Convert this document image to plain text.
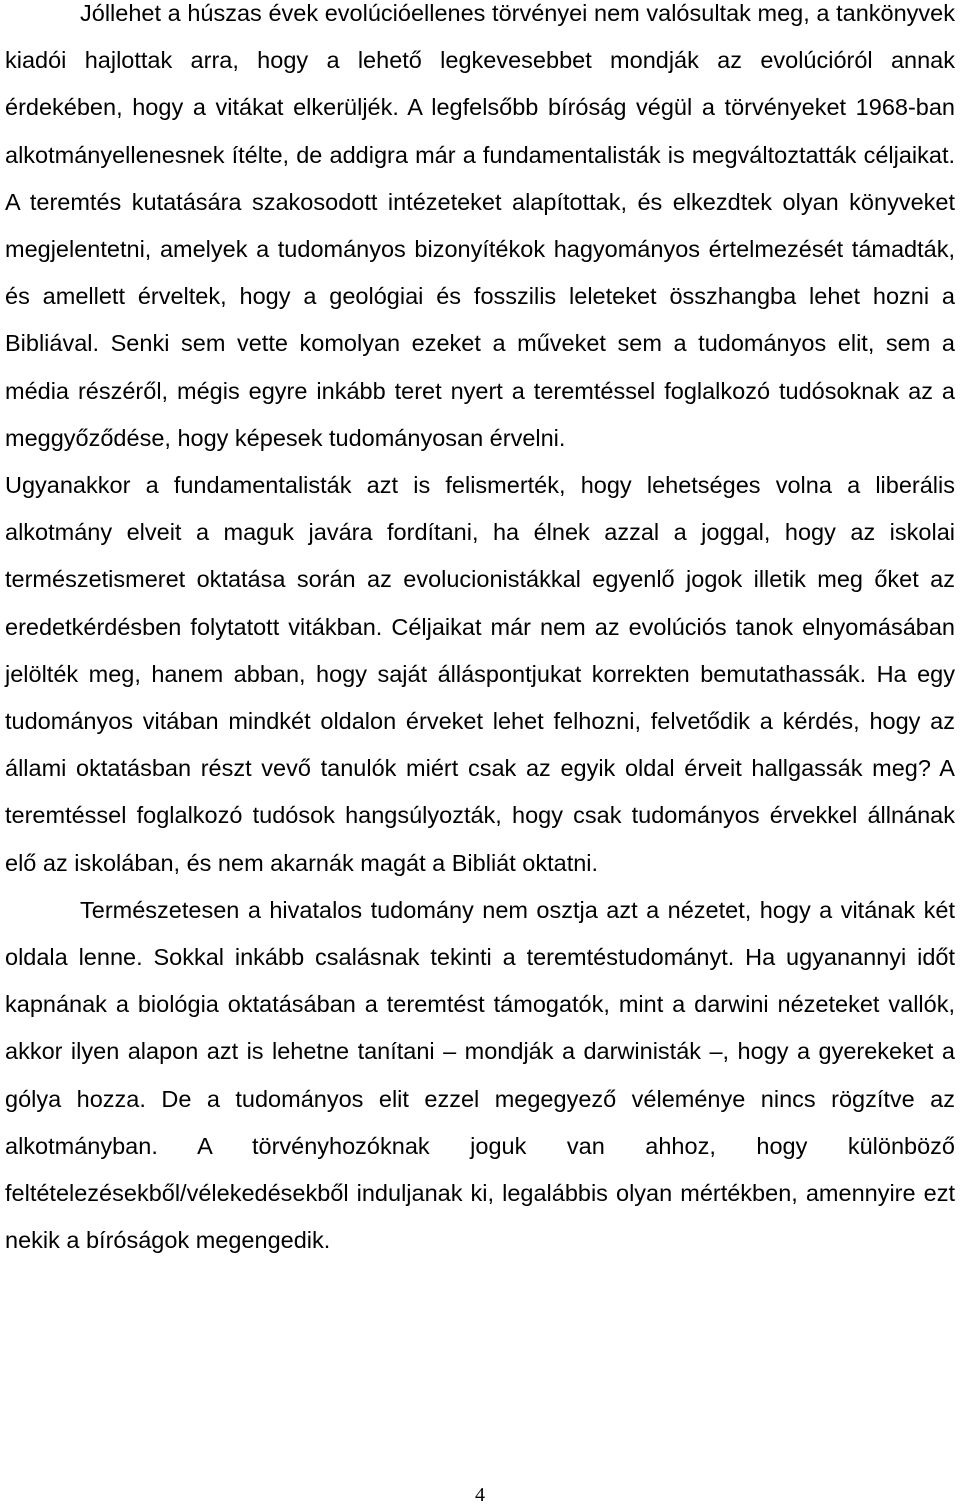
Jóllehet a húszas évek evolúcióellenes törvényei nem valósultak meg, a tankönyvek kiadói hajlottak arra, hogy a lehető legkevesebbet mondják az evolúcióról annak érdekében, hogy a vitákat elkerüljék. A legfelsőbb bíróság végül a törvényeket 1968-ban alkotmányellenesnek ítélte, de addigra már a fundamentalisták is megváltoztatták céljaikat. A teremtés kutatására szakosodott intézeteket alapítottak, és elkezdtek olyan könyveket megjelentetni, amelyek a tudományos bizonyítékok hagyományos értelmezését támadták, és amellett érveltek, hogy a geológiai és fosszilis leleteket összhangba lehet hozni a Bibliával. Senki sem vette komolyan ezeket a műveket sem a tudományos elit, sem a média részéről, mégis egyre inkább teret nyert a teremtéssel foglalkozó tudósoknak az a meggyőződése, hogy képesek tudományosan érvelni.

Ugyanakkor a fundamentalisták azt is felismerték, hogy lehetséges volna a liberális alkotmány elveit a maguk javára fordítani, ha élnek azzal a joggal, hogy az iskolai természetismeret oktatása során az evolucionistákkal egyenlő jogok illetik meg őket az eredetkérdésben folytatott vitákban. Céljaikat már nem az evolúciós tanok elnyomásában jelölték meg, hanem abban, hogy saját álláspontjukat korrekten bemutathassák. Ha egy tudományos vitában mindkét oldalon érveket lehet felhozni, felvetődik a kérdés, hogy az állami oktatásban részt vevő tanulók miért csak az egyik oldal érveit hallgassák meg? A teremtéssel foglalkozó tudósok hangsúlyozták, hogy csak tudományos érvekkel állnának elő az iskolában, és nem akarnák magát a Bibliát oktatni.

Természetesen a hivatalos tudomány nem osztja azt a nézetet, hogy a vitának két oldala lenne. Sokkal inkább csalásnak tekinti a teremtéstudományt. Ha ugyanannyi időt kapnának a biológia oktatásában a teremtést támogatók, mint a darwini nézeteket vallók, akkor ilyen alapon azt is lehetne tanítani – mondják a darwinisták –, hogy a gyerekeket a gólya hozza. De a tudományos elit ezzel megegyező véleménye nincs rögzítve az alkotmányban. A törvényhozóknak joguk van ahhoz, hogy különböző feltételezésekből/vélekedésekből induljanak ki, legalábbis olyan mértékben, amennyire ezt nekik a bíróságok megengedik.

4
